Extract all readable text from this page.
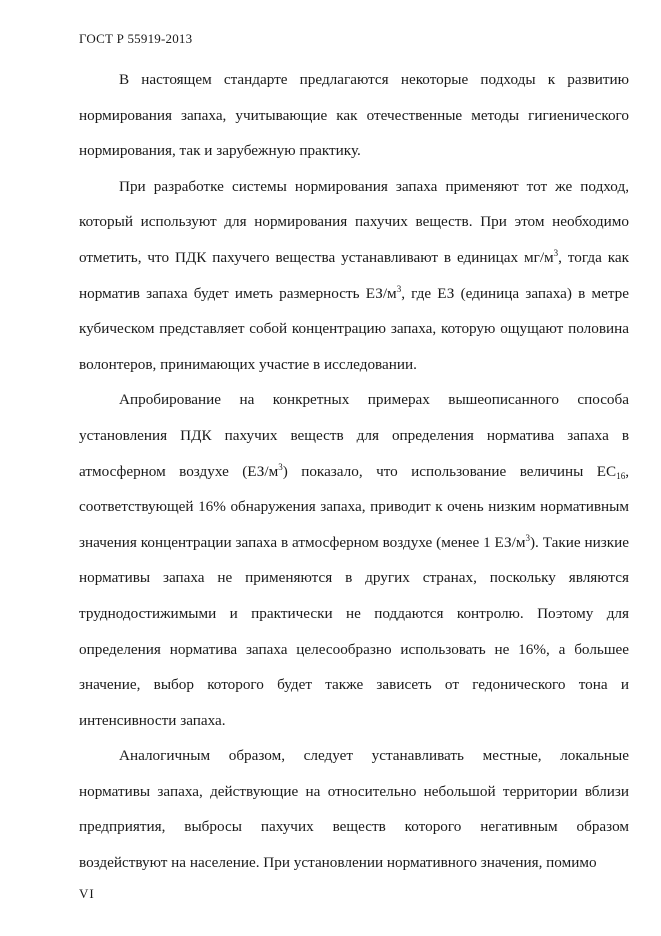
ГОСТ Р 55919-2013

В настоящем стандарте предлагаются некоторые подходы к развитию нормирования запаха, учитывающие как отечественные методы гигиенического нормирования, так и зарубежную практику.

При разработке системы нормирования запаха применяют тот же подход, который используют для нормирования пахучих веществ. При этом необходимо отметить, что ПДК пахучего вещества устанавливают в единицах $мг/м^3$, тогда как норматив запаха будет иметь размерность $ЕЗ/м^3$, где ЕЗ (единица запаха) в метре кубическом представляет собой концентрацию запаха, которую ощущают половина волонтеров, принимающих участие в исследовании.

Апробирование на конкретных примерах вышеописанного способа установления ПДК пахучих веществ для определения норматива запаха в атмосферном воздухе $(ЕЗ/м^3)$ показало, что использование величины $ЕС_{16}$, соответствующей 16% обнаружения запаха, приводит к очень низким нормативным значения концентрации запаха в атмосферном воздухе (менее 1 $ЕЗ/м^3$). Такие низкие нормативы запаха не применяются в других странах, поскольку являются труднодостижимыми и практически не поддаются контролю. Поэтому для определения норматива запаха целесообразно использовать не 16%, а большее значение, выбор которого будет также зависеть от гедонического тона и интенсивности запаха.

Аналогичным образом, следует устанавливать местные, локальные нормативы запаха, действующие на относительно небольшой территории вблизи предприятия, выбросы пахучих веществ которого негативным образом воздействуют на население. При установлении нормативного значения, помимо

VI
